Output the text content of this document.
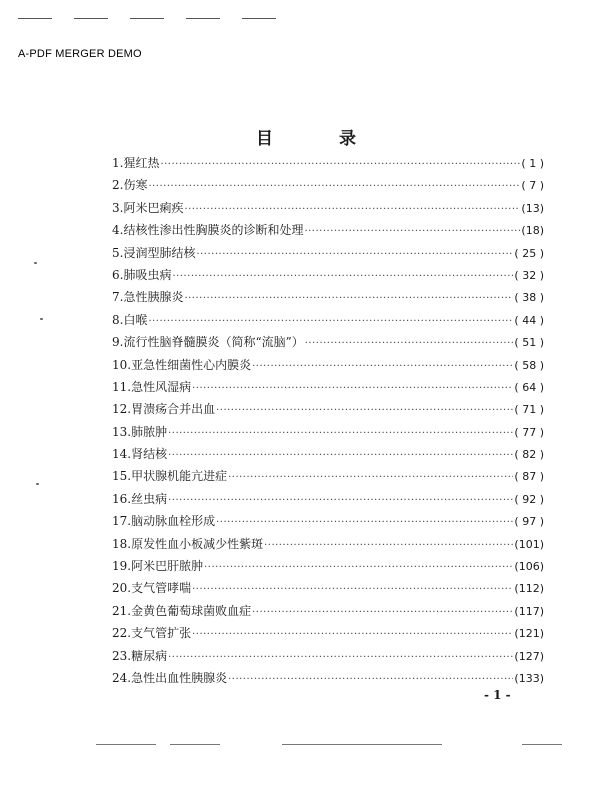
A-PDF MERGER DEMO
目 录
1.猩红热 ·····	( 1 )
2.伤寒 ·····	( 7 )
3.阿米巴痢疾 ·····	(13)
4.结核性渗出性胸膜炎的诊断和处理 ·····	(18)
5.浸润型肺结核 ·····	( 25 )
6.肺吸虫病 ·····	( 32 )
7.急性胰腺炎 ·····	( 38 )
8.白喉 ·····	( 44 )
9.流行性脑脊髓膜炎（简称“流脑”） ·····	( 51 )
10.亚急性细菌性心内膜炎 ·····	( 58 )
11.急性风湿病 ·····	( 64 )
12.胃溃疡合并出血 ·····	( 71 )
13.肺脓肿 ·····	( 77 )
14.肾结核 ·····	( 82 )
15.甲状腺机能亢进症 ·····	( 87 )
16.丝虫病 ·····	( 92 )
17.脑动脉血栓形成 ·····	( 97 )
18.原发性血小板减少性紫斑 ·····	(101)
19.阿米巴肝脓肿 ·····	(106)
20.支气管哮喘 ·····	(112)
21.金黄色葡萄球菌败血症 ·····	(117)
22.支气管扩张 ·····	(121)
23.糖尿病 ·····	(127)
24.急性出血性胰腺炎 ·····	(133)
- 1 -
